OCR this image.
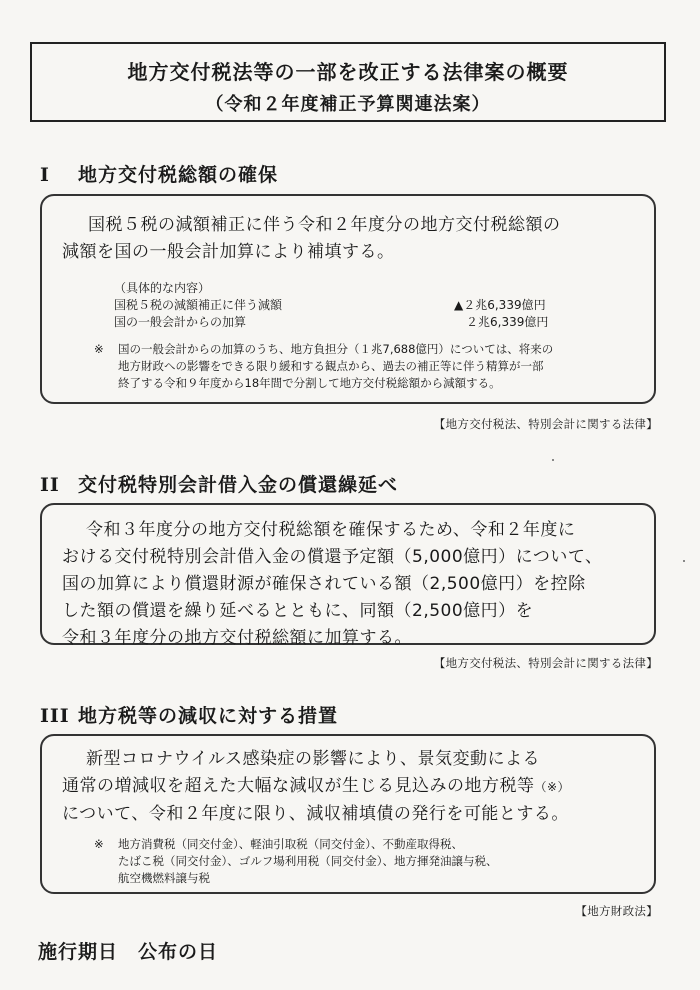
地方交付税法等の一部を改正する法律案の概要
（令和２年度補正予算関連法案）
I	地方交付税総額の確保
国税５税の減額補正に伴う令和２年度分の地方交付税総額の
減額を国の一般会計加算により補填する。
（具体的な内容）
国税５税の減額補正に伴う減額	▲２兆6,339億円
国の一般会計からの加算	２兆6,339億円
※	国の一般会計からの加算のうち、地方負担分（１兆7,688億円）については、将来の
地方財政への影響をできる限り緩和する観点から、過去の補正等に伴う精算が一部
終了する令和９年度から18年間で分割して地方交付税総額から減額する。
【地方交付税法、特別会計に関する法律】
II 交付税特別会計借入金の償還繰延べ
令和３年度分の地方交付税総額を確保するため、令和２年度に
おける交付税特別会計借入金の償還予定額（5,000億円）について、
国の加算により償還財源が確保されている額（2,500億円）を控除
した額の償還を繰り延べるとともに、同額（2,500億円）を
令和３年度分の地方交付税総額に加算する。
【地方交付税法、特別会計に関する法律】
III 地方税等の減収に対する措置
新型コロナウイルス感染症の影響により、景気変動による
通常の増減収を超えた大幅な減収が生じる見込みの地方税等（※）
について、令和２年度に限り、減収補填債の発行を可能とする。
※	地方消費税（同交付金）、軽油引取税（同交付金）、不動産取得税、
たばこ税（同交付金）、ゴルフ場利用税（同交付金）、地方揮発油譲与税、
航空機燃料譲与税
【地方財政法】
施行期日 公布の日
